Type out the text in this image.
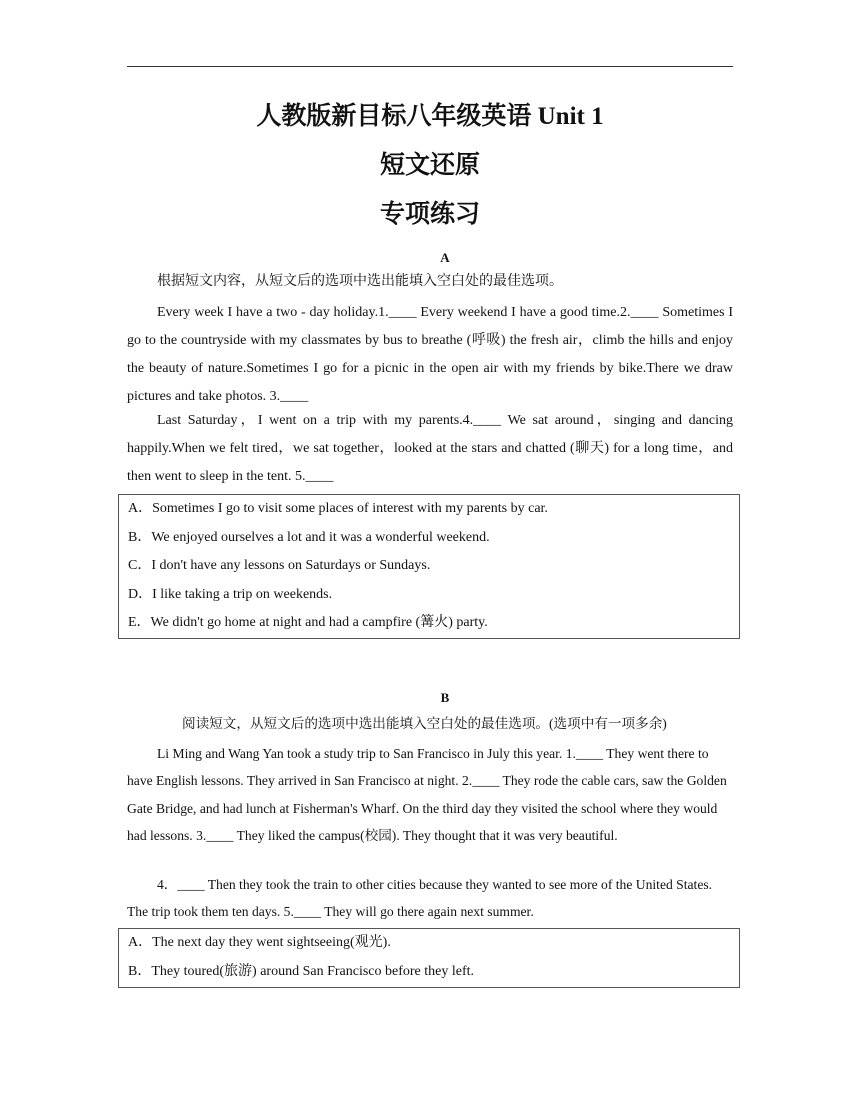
人教版新目标八年级英语 Unit 1
短文还原
专项练习
A

根据短文内容，从短文后的选项中选出能填入空白处的最佳选项。

Every week I have a two - day holiday.1.____ Every weekend I have a good time.2.____ Sometimes I go to the countryside with my classmates by bus to breathe (呼吸) the fresh air，climb the hills and enjoy the beauty of nature.Sometimes I go for a picnic in the open air with my friends by bike.There we draw pictures and take photos. 3.____

Last Saturday，I went on a trip with my parents.4.____ We sat around，singing and dancing happily.When we felt tired，we sat together，looked at the stars and chatted (聊天) for a long time，and then went to sleep in the tent. 5.____

A．Sometimes I go to visit some places of interest with my parents by car.
B．We enjoyed ourselves a lot and it was a wonderful weekend.
C．I don't have any lessons on Saturdays or Sundays.
D．I like taking a trip on weekends.
E．We didn't go home at night and had a campfire (篝火) party.
B

阅读短文，从短文后的选项中选出能填入空白处的最佳选项。(选项中有一项多余)

Li Ming and Wang Yan took a study trip to San Francisco in July this year. 1.____ They went there to have English lessons. They arrived in San Francisco at night. 2.____ They rode the cable cars, saw the Golden Gate Bridge, and had lunch at Fisherman's Wharf. On the third day they visited the school where they would had lessons. 3.____ They liked the campus(校园). They thought that it was very beautiful.

4．____ Then they took the train to other cities because they wanted to see more of the United States. The trip took them ten days. 5.____ They will go there again next summer.

A．The next day they went sightseeing(观光).
B．They toured(旅游) around San Francisco before they left.
